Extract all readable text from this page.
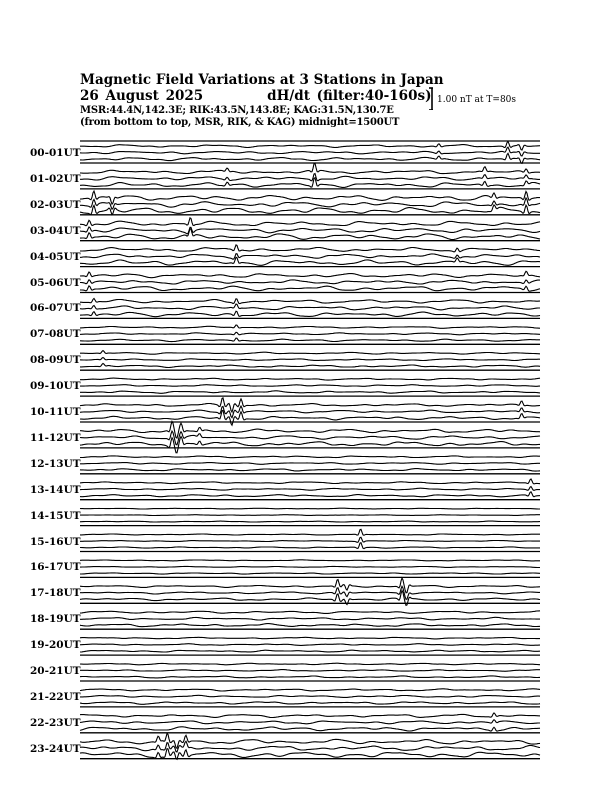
Magnetic Field Variations at 3 Stations in Japan
26 August 2025	dH/dt (filter:40-160s)
MSR:44.4N,142.3E; RIK:43.5N,143.8E; KAG:31.5N,130.7E
(from bottom to top, MSR, RIK, & KAG) midnight=1500UT
1.00 nT at T=80s
00-01UT
01-02UT
02-03UT
03-04UT
04-05UT
05-06UT
06-07UT
07-08UT
08-09UT
09-10UT
10-11UT
11-12UT
12-13UT
13-14UT
14-15UT
15-16UT
16-17UT
17-18UT
18-19UT
19-20UT
20-21UT
21-22UT
22-23UT
23-24UT
